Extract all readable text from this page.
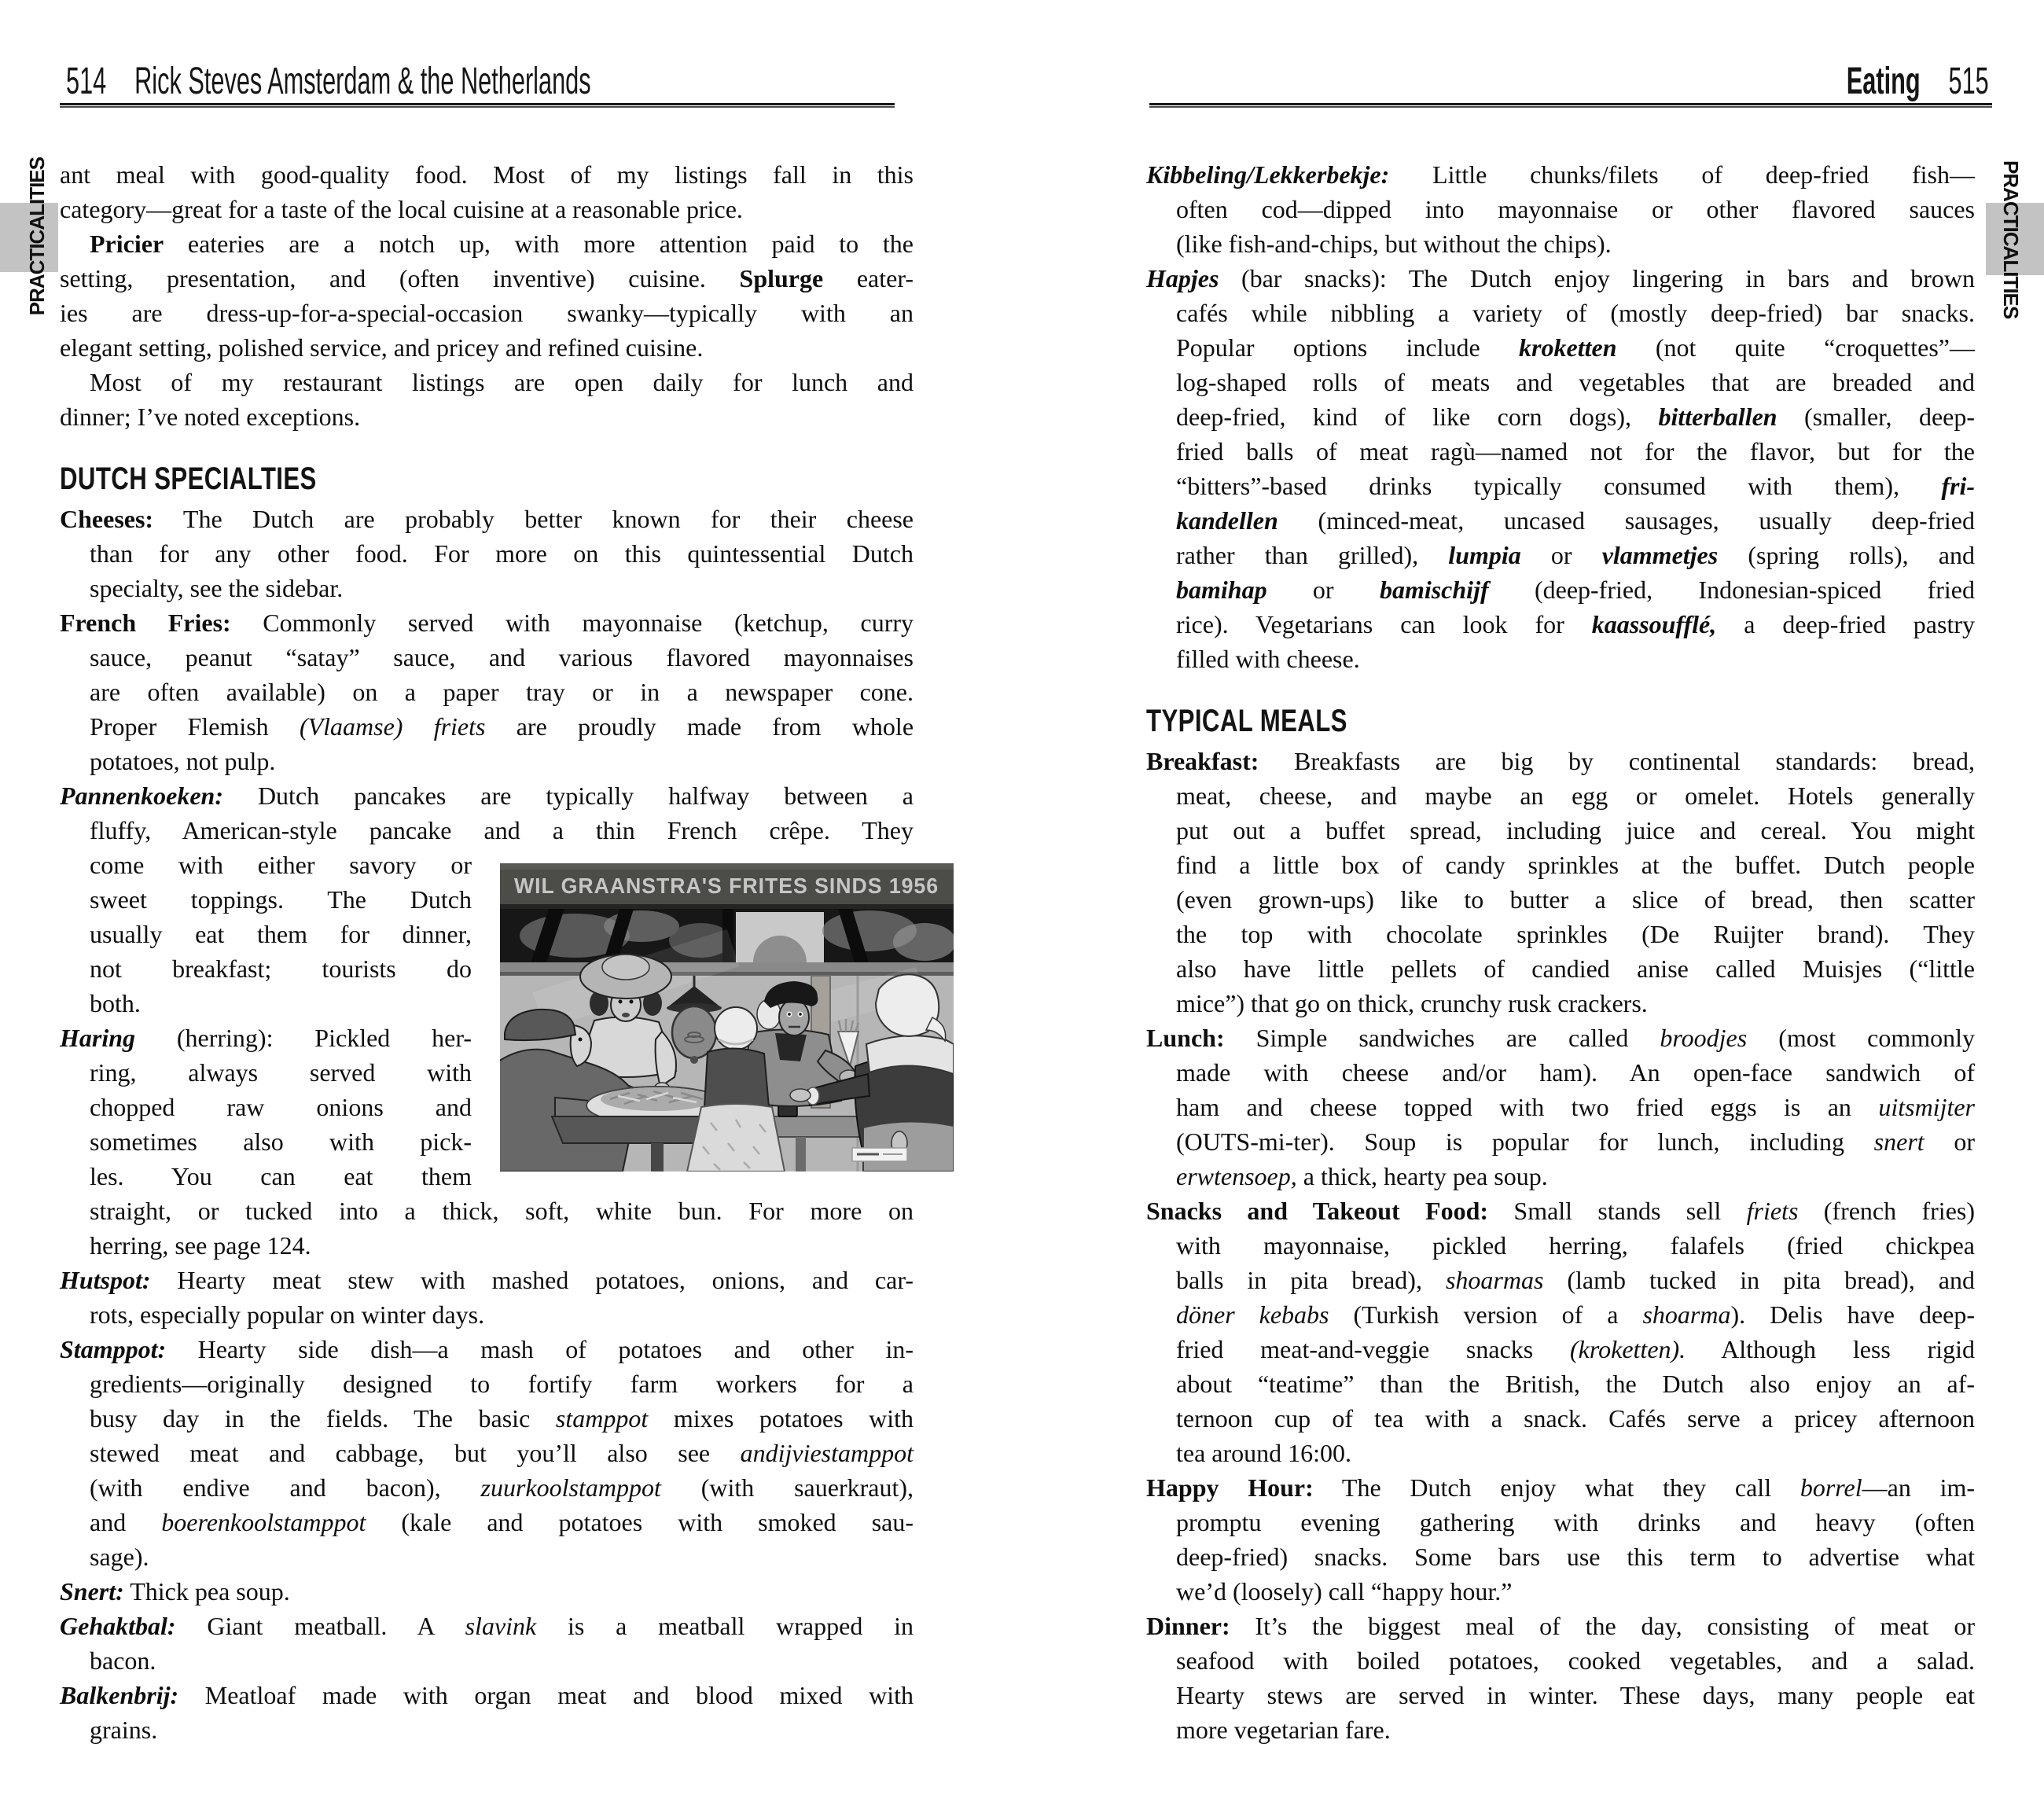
514 Rick Steves Amsterdam & the Netherlands	Eating 515
PRACTICALITIES	PRACTICALITIES
ant meal with good-quality food. Most of my listings fall in this
category—great for a taste of the local cuisine at a reasonable price.
Pricier eateries are a notch up, with more attention paid to the
setting, presentation, and (often inventive) cuisine. Splurge eater-
ies are dress-up-for-a-special-occasion swanky—typically with an
elegant setting, polished service, and pricey and refined cuisine.
Most of my restaurant listings are open daily for lunch and
dinner; I’ve noted exceptions.
DUTCH SPECIALTIES
Cheeses: The Dutch are probably better known for their cheese
than for any other food. For more on this quintessential Dutch
specialty, see the sidebar.
French Fries: Commonly served with mayonnaise (ketchup, curry
sauce, peanut “satay” sauce, and various flavored mayonnaises
are often available) on a paper tray or in a newspaper cone.
Proper Flemish (Vlaamse) friets are proudly made from whole
potatoes, not pulp.
Pannenkoeken: Dutch pancakes are typically halfway between a
fluffy, American-style pancake and a thin French crêpe. They
come with either savory or
sweet toppings. The Dutch
usually eat them for dinner,
not breakfast; tourists do
both.
Haring (herring): Pickled her-
ring, always served with
chopped raw onions and
sometimes also with pick-
les. You can eat them
straight, or tucked into a thick, soft, white bun. For more on
herring, see page 124.
Hutspot: Hearty meat stew with mashed potatoes, onions, and car-
rots, especially popular on winter days.
Stamppot: Hearty side dish—a mash of potatoes and other in-
gredients—originally designed to fortify farm workers for a
busy day in the fields. The basic stamppot mixes potatoes with
stewed meat and cabbage, but you’ll also see andijviestamppot
(with endive and bacon), zuurkoolstamppot (with sauerkraut),
and boerenkoolstamppot (kale and potatoes with smoked sau-
sage).
Snert: Thick pea soup.
Gehaktbal: Giant meatball. A slavink is a meatball wrapped in
bacon.
Balkenbrij: Meatloaf made with organ meat and blood mixed with
grains.
Kibbeling/Lekkerbekje: Little chunks/filets of deep-fried fish—
often cod—dipped into mayonnaise or other flavored sauces
(like fish-and-chips, but without the chips).
Hapjes (bar snacks): The Dutch enjoy lingering in bars and brown
cafés while nibbling a variety of (mostly deep-fried) bar snacks.
Popular options include kroketten (not quite “croquettes”—
log-shaped rolls of meats and vegetables that are breaded and
deep-fried, kind of like corn dogs), bitterballen (smaller, deep-
fried balls of meat ragù—named not for the flavor, but for the
“bitters”-based drinks typically consumed with them), fri-
kandellen (minced-meat, uncased sausages, usually deep-fried
rather than grilled), lumpia or vlammetjes (spring rolls), and
bamihap or bamischijf (deep-fried, Indonesian-spiced fried
rice). Vegetarians can look for kaassoufflé, a deep-fried pastry
filled with cheese.
TYPICAL MEALS
Breakfast: Breakfasts are big by continental standards: bread,
meat, cheese, and maybe an egg or omelet. Hotels generally
put out a buffet spread, including juice and cereal. You might
find a little box of candy sprinkles at the buffet. Dutch people
(even grown-ups) like to butter a slice of bread, then scatter
the top with chocolate sprinkles (De Ruijter brand). They
also have little pellets of candied anise called Muisjes (“little
mice”) that go on thick, crunchy rusk crackers.
Lunch: Simple sandwiches are called broodjes (most commonly
made with cheese and/or ham). An open-face sandwich of
ham and cheese topped with two fried eggs is an uitsmijter
(OUTS-mi-ter). Soup is popular for lunch, including snert or
erwtensoep, a thick, hearty pea soup.
Snacks and Takeout Food: Small stands sell friets (french fries)
with mayonnaise, pickled herring, falafels (fried chickpea
balls in pita bread), shoarmas (lamb tucked in pita bread), and
döner kebabs (Turkish version of a shoarma). Delis have deep-
fried meat-and-veggie snacks (kroketten). Although less rigid
about “teatime” than the British, the Dutch also enjoy an af-
ternoon cup of tea with a snack. Cafés serve a pricey afternoon
tea around 16:00.
Happy Hour: The Dutch enjoy what they call borrel—an im-
promptu evening gathering with drinks and heavy (often
deep-fried) snacks. Some bars use this term to advertise what
we’d (loosely) call “happy hour.”
Dinner: It’s the biggest meal of the day, consisting of meat or
seafood with boiled potatoes, cooked vegetables, and a salad.
Hearty stews are served in winter. These days, many people eat
more vegetarian fare.
WIL GRAANSTRA'S FRITES SINDS 1956
